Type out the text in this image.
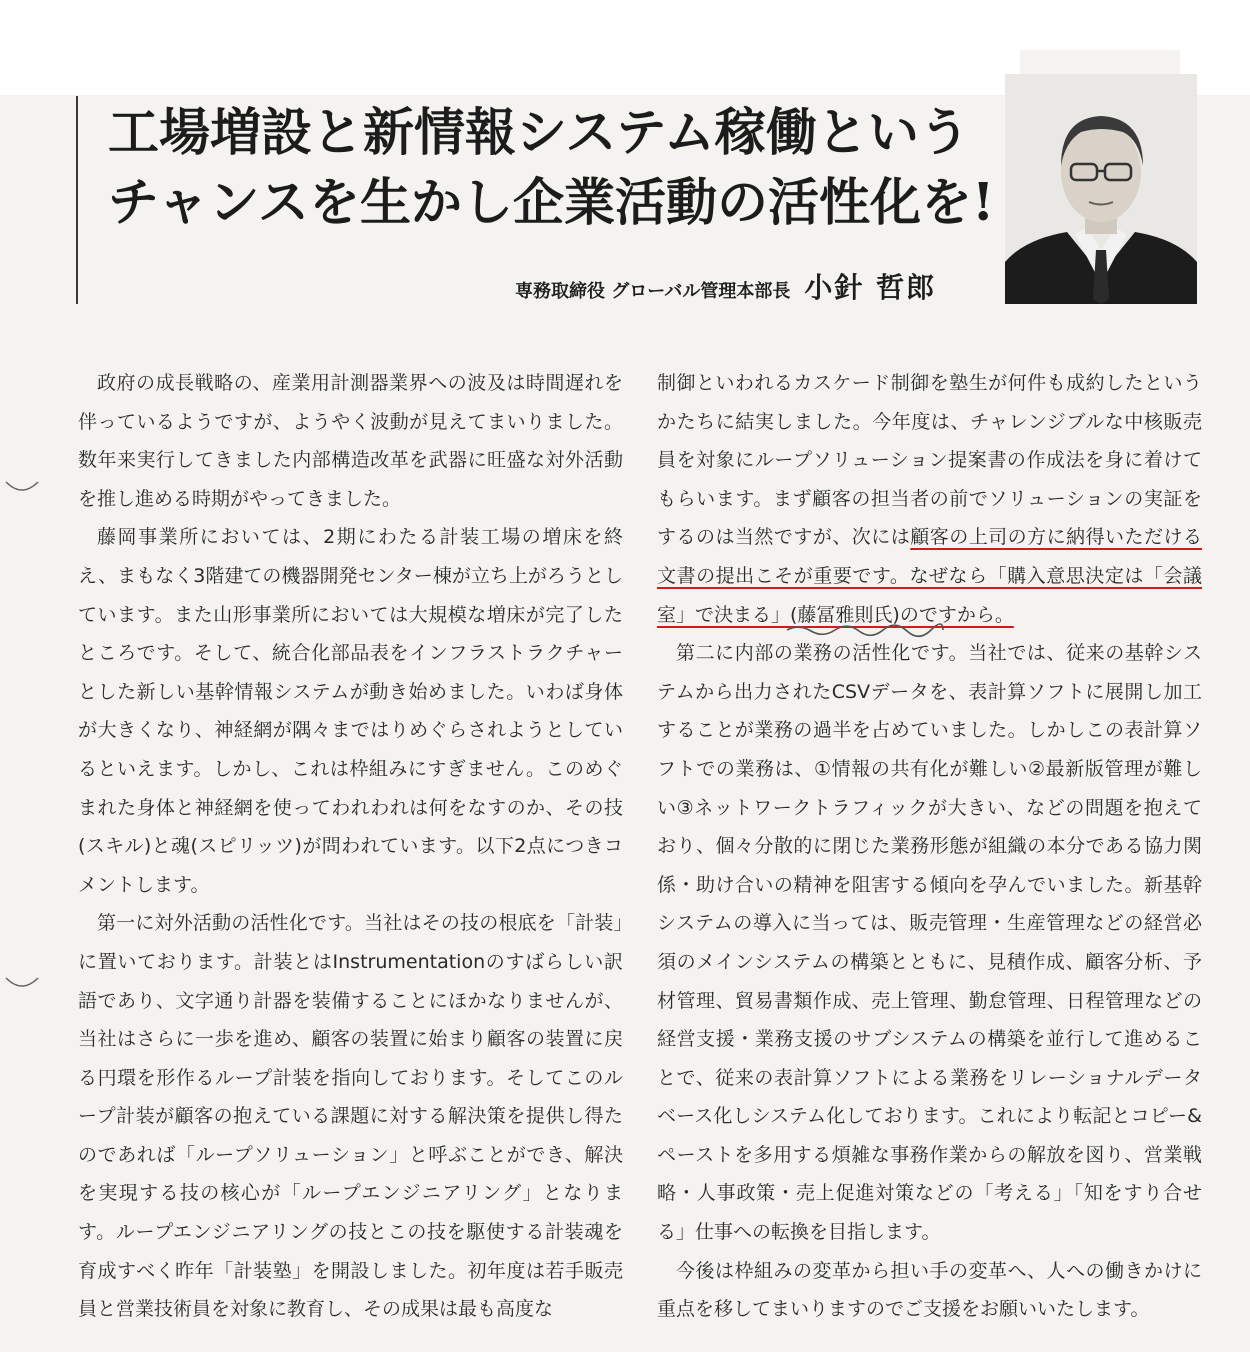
工場増設と新情報システム稼働という
チャンスを生かし企業活動の活性化を!
専務取締役 グローバル管理本部長 小針 哲郎

政府の成長戦略の、産業用計測器業界への波及は時間遅れを伴っているようですが、ようやく波動が見えてまいりました。数年来実行してきました内部構造改革を武器に旺盛な対外活動を推し進める時期がやってきました。

藤岡事業所においては、2期にわたる計装工場の増床を終え、まもなく3階建ての機器開発センター棟が立ち上がろうとしています。また山形事業所においては大規模な増床が完了したところです。そして、統合化部品表をインフラストラクチャーとした新しい基幹情報システムが動き始めました。いわば身体が大きくなり、神経網が隅々まではりめぐらされようとしているといえます。しかし、これは枠組みにすぎません。このめぐまれた身体と神経網を使ってわれわれは何をなすのか、その技(スキル)と魂(スピリッツ)が問われています。以下2点につきコメントします。

第一に対外活動の活性化です。当社はその技の根底を「計装」に置いております。計装とはInstrumentationのすばらしい訳語であり、文字通り計器を装備することにほかなりませんが、当社はさらに一歩を進め、顧客の装置に始まり顧客の装置に戻る円環を形作るループ計装を指向しております。そしてこのループ計装が顧客の抱えている課題に対する解決策を提供し得たのであれば「ループソリューション」と呼ぶことができ、解決を実現する技の核心が「ループエンジニアリング」となります。ループエンジニアリングの技とこの技を駆使する計装魂を育成すべく昨年「計装塾」を開設しました。初年度は若手販売員と営業技術員を対象に教育し、その成果は最も高度な

制御といわれるカスケード制御を塾生が何件も成約したというかたちに結実しました。今年度は、チャレンジブルな中核販売員を対象にループソリューション提案書の作成法を身に着けてもらいます。まず顧客の担当者の前でソリューションの実証をするのは当然ですが、次には顧客の上司の方に納得いただける文書の提出こそが重要です。なぜなら「購入意思決定は「会議室」で決まる」(藤冨雅則氏)のですから。

第二に内部の業務の活性化です。当社では、従来の基幹システムから出力されたCSVデータを、表計算ソフトに展開し加工することが業務の過半を占めていました。しかしこの表計算ソフトでの業務は、①情報の共有化が難しい②最新版管理が難しい③ネットワークトラフィックが大きい、などの問題を抱えており、個々分散的に閉じた業務形態が組織の本分である協力関係・助け合いの精神を阻害する傾向を孕んでいました。新基幹システムの導入に当っては、販売管理・生産管理などの経営必須のメインシステムの構築とともに、見積作成、顧客分析、予材管理、貿易書類作成、売上管理、勤怠管理、日程管理などの経営支援・業務支援のサブシステムの構築を並行して進めることで、従来の表計算ソフトによる業務をリレーショナルデータベース化しシステム化しております。これにより転記とコピー&ペーストを多用する煩雑な事務作業からの解放を図り、営業戦略・人事政策・売上促進対策などの「考える」「知をすり合せる」仕事への転換を目指します。

今後は枠組みの変革から担い手の変革へ、人への働きかけに重点を移してまいりますのでご支援をお願いいたします。
